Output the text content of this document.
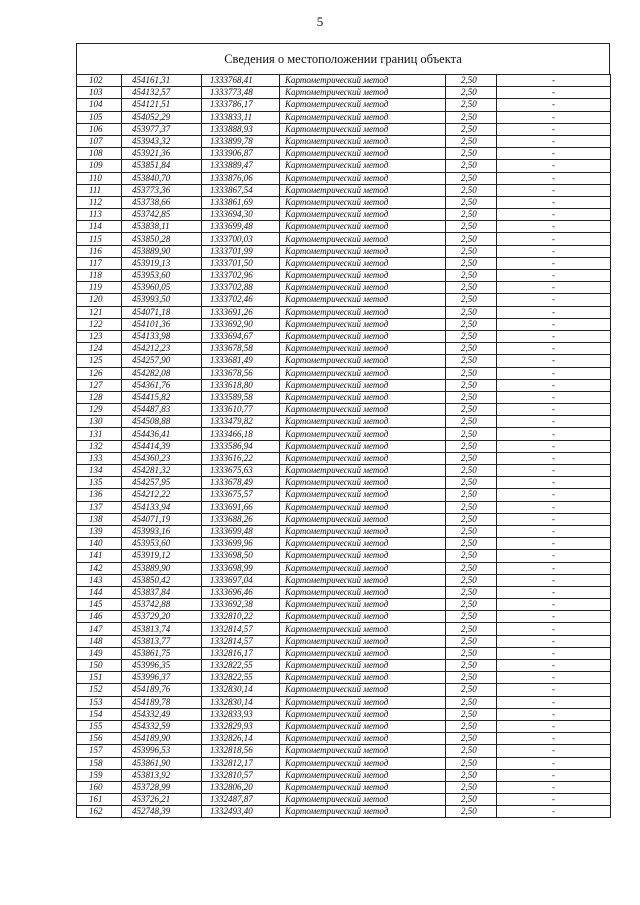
5
Сведения о местоположении границ объекта
102	454161,31	1333768,41	Картометрический метод	2,50	-
103	454132,57	1333773,48	Картометрический метод	2,50	-
104	454121,51	1333786,17	Картометрический метод	2,50	-
105	454052,29	1333833,11	Картометрический метод	2,50	-
106	453977,37	1333888,93	Картометрический метод	2,50	-
107	453943,32	1333899,78	Картометрический метод	2,50	-
108	453921,36	1333906,87	Картометрический метод	2,50	-
109	453851,84	1333889,47	Картометрический метод	2,50	-
110	453840,70	1333876,06	Картометрический метод	2,50	-
111	453773,36	1333867,54	Картометрический метод	2,50	-
112	453738,66	1333861,69	Картометрический метод	2,50	-
113	453742,85	1333694,30	Картометрический метод	2,50	-
114	453838,11	1333699,48	Картометрический метод	2,50	-
115	453850,28	1333700,03	Картометрический метод	2,50	-
116	453889,90	1333701,99	Картометрический метод	2,50	-
117	453919,13	1333701,50	Картометрический метод	2,50	-
118	453953,60	1333702,96	Картометрический метод	2,50	-
119	453960,05	1333702,88	Картометрический метод	2,50	-
120	453993,50	1333702,46	Картометрический метод	2,50	-
121	454071,18	1333691,26	Картометрический метод	2,50	-
122	454101,36	1333692,90	Картометрический метод	2,50	-
123	454133,98	1333694,67	Картометрический метод	2,50	-
124	454212,23	1333678,58	Картометрический метод	2,50	-
125	454257,90	1333681,49	Картометрический метод	2,50	-
126	454282,08	1333678,56	Картометрический метод	2,50	-
127	454361,76	1333618,80	Картометрический метод	2,50	-
128	454415,82	1333589,58	Картометрический метод	2,50	-
129	454487,83	1333610,77	Картометрический метод	2,50	-
130	454508,88	1333479,82	Картометрический метод	2,50	-
131	454436,41	1333466,18	Картометрический метод	2,50	-
132	454414,39	1333586,94	Картометрический метод	2,50	-
133	454360,23	1333616,22	Картометрический метод	2,50	-
134	454281,32	1333675,63	Картометрический метод	2,50	-
135	454257,95	1333678,49	Картометрический метод	2,50	-
136	454212,22	1333675,57	Картометрический метод	2,50	-
137	454133,94	1333691,66	Картометрический метод	2,50	-
138	454071,19	1333688,26	Картометрический метод	2,50	-
139	453993,16	1333699,48	Картометрический метод	2,50	-
140	453953,60	1333699,96	Картометрический метод	2,50	-
141	453919,12	1333698,50	Картометрический метод	2,50	-
142	453889,90	1333698,99	Картометрический метод	2,50	-
143	453850,42	1333697,04	Картометрический метод	2,50	-
144	453837,84	1333696,46	Картометрический метод	2,50	-
145	453742,88	1333692,38	Картометрический метод	2,50	-
146	453729,20	1332810,22	Картометрический метод	2,50	-
147	453813,74	1332814,57	Картометрический метод	2,50	-
148	453813,77	1332814,57	Картометрический метод	2,50	-
149	453861,75	1332816,17	Картометрический метод	2,50	-
150	453996,35	1332822,55	Картометрический метод	2,50	-
151	453996,37	1332822,55	Картометрический метод	2,50	-
152	454189,76	1332830,14	Картометрический метод	2,50	-
153	454189,78	1332830,14	Картометрический метод	2,50	-
154	454332,49	1332833,93	Картометрический метод	2,50	-
155	454332,59	1332829,93	Картометрический метод	2,50	-
156	454189,90	1332826,14	Картометрический метод	2,50	-
157	453996,53	1332818,56	Картометрический метод	2,50	-
158	453861,90	1332812,17	Картометрический метод	2,50	-
159	453813,92	1332810,57	Картометрический метод	2,50	-
160	453728,99	1332806,20	Картометрический метод	2,50	-
161	453726,21	1332487,87	Картометрический метод	2,50	-
162	452748,39	1332493,40	Картометрический метод	2,50	-
